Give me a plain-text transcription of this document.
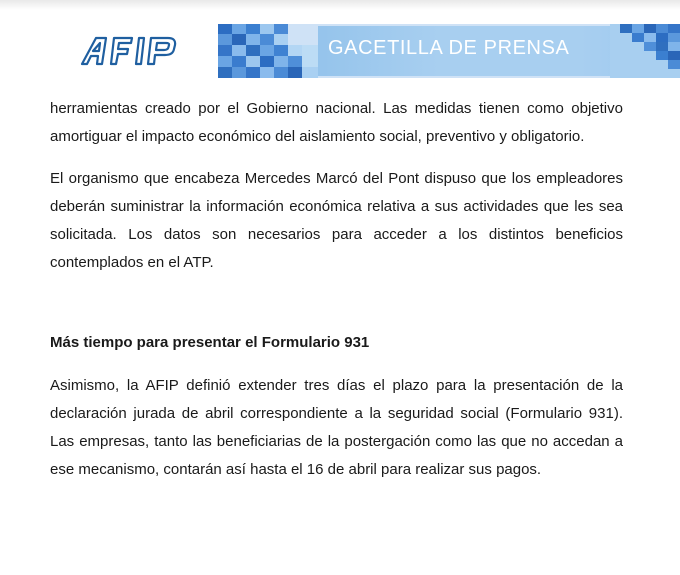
GACETILLA DE PRENSA

herramientas creado por el Gobierno nacional. Las medidas tienen como objetivo amortiguar el impacto económico del aislamiento social, preventivo y obligatorio.

El organismo que encabeza Mercedes Marcó del Pont dispuso que los empleadores deberán suministrar la información económica relativa a sus actividades que les sea solicitada. Los datos son necesarios para acceder a los distintos beneficios contemplados en el ATP.

Más tiempo para presentar el Formulario 931

Asimismo, la AFIP definió extender tres días el plazo para la presentación de la declaración jurada de abril correspondiente a la seguridad social (Formulario 931). Las empresas, tanto las beneficiarias de la postergación como las que no accedan a ese mecanismo, contarán así hasta el 16 de abril para realizar sus pagos.
